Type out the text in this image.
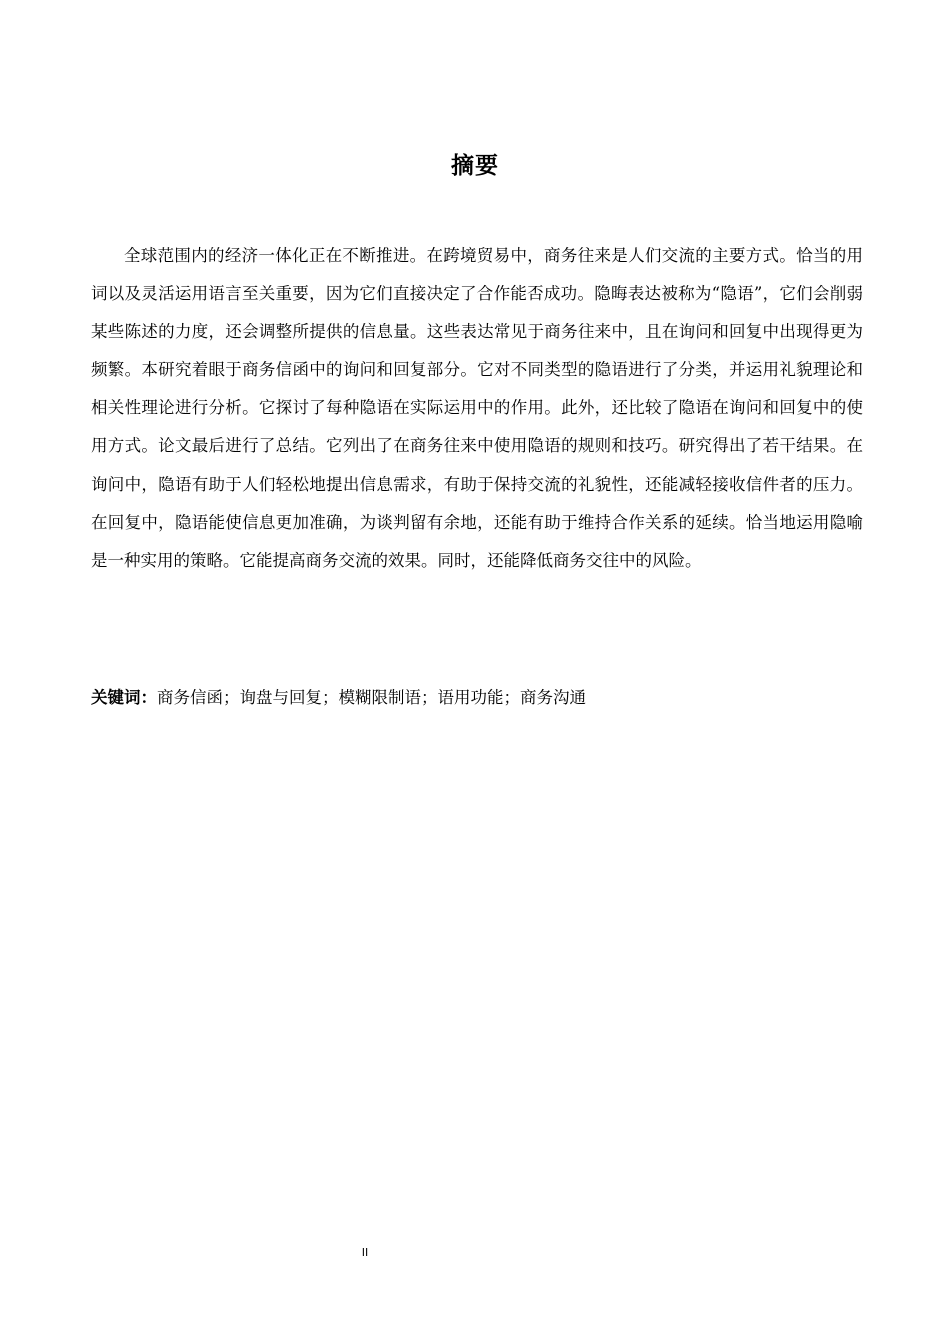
摘要

全球范围内的经济一体化正在不断推进。在跨境贸易中，商务往来是人们交流的主要方式。恰当的用词以及灵活运用语言至关重要，因为它们直接决定了合作能否成功。隐晦表达被称为“隐语”，它们会削弱某些陈述的力度，还会调整所提供的信息量。这些表达常见于商务往来中，且在询问和回复中出现得更为频繁。本研究着眼于商务信函中的询问和回复部分。它对不同类型的隐语进行了分类，并运用礼貌理论和相关性理论进行分析。它探讨了每种隐语在实际运用中的作用。此外，还比较了隐语在询问和回复中的使用方式。论文最后进行了总结。它列出了在商务往来中使用隐语的规则和技巧。研究得出了若干结果。在询问中，隐语有助于人们轻松地提出信息需求，有助于保持交流的礼貌性，还能减轻接收信件者的压力。在回复中，隐语能使信息更加准确，为谈判留有余地，还能有助于维持合作关系的延续。恰当地运用隐喻是一种实用的策略。它能提高商务交流的效果。同时，还能降低商务交往中的风险。

关键词：商务信函；询盘与回复；模糊限制语；语用功能；商务沟通

II
